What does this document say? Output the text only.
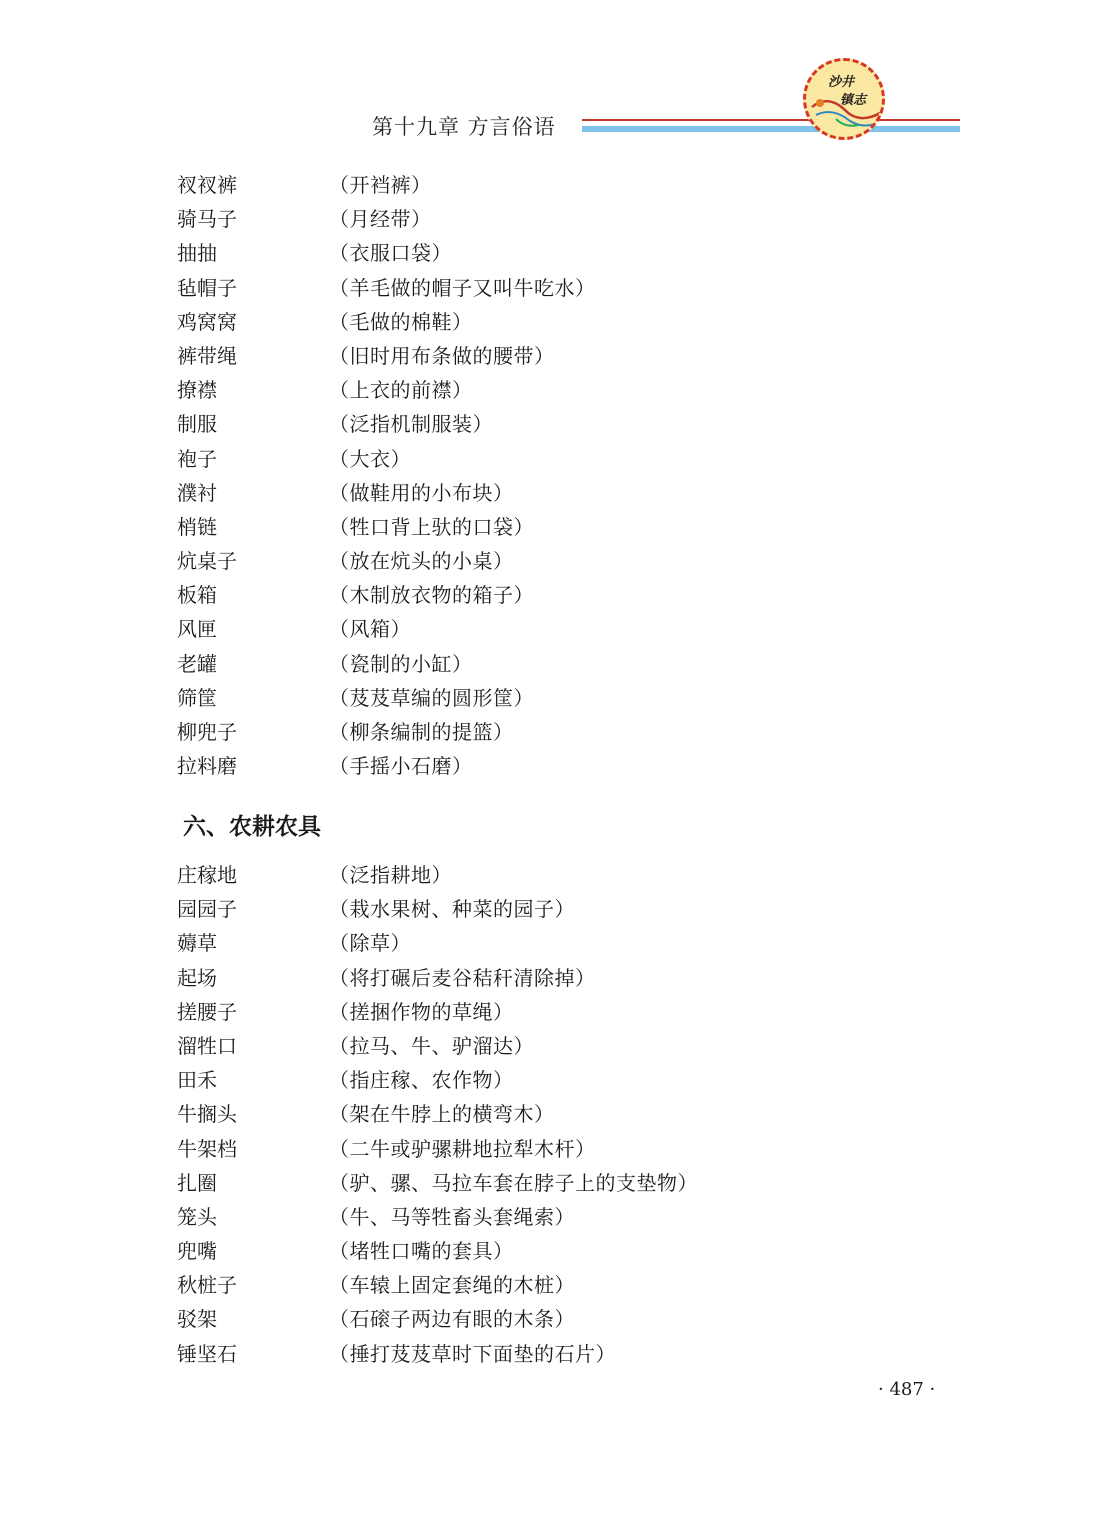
第十九章 方言俗语
沙井
镇志
衩衩裤	（开裆裤）
骑马子	（月经带）
抽抽	（衣服口袋）
毡帽子	（羊毛做的帽子又叫牛吃水）
鸡窝窝	（毛做的棉鞋）
裤带绳	（旧时用布条做的腰带）
撩襟	（上衣的前襟）
制服	（泛指机制服装）
袍子	（大衣）
濮衬	（做鞋用的小布块）
梢链	（牲口背上驮的口袋）
炕桌子	（放在炕头的小桌）
板箱	（木制放衣物的箱子）
风匣	（风箱）
老罐	（瓷制的小缸）
筛筐	（芨芨草编的圆形筐）
柳兜子	（柳条编制的提篮）
拉料磨	（手摇小石磨）
六、农耕农具
庄稼地	（泛指耕地）
园园子	（栽水果树、种菜的园子）
薅草	（除草）
起场	（将打碾后麦谷秸秆清除掉）
搓腰子	（搓捆作物的草绳）
溜牲口	（拉马、牛、驴溜达）
田禾	（指庄稼、农作物）
牛搁头	（架在牛脖上的横弯木）
牛架档	（二牛或驴骡耕地拉犁木杆）
扎圈	（驴、骡、马拉车套在脖子上的支垫物）
笼头	（牛、马等牲畜头套绳索）
兜嘴	（堵牲口嘴的套具）
秋桩子	（车辕上固定套绳的木桩）
驳架	（石磙子两边有眼的木条）
锤坚石	（捶打芨芨草时下面垫的石片）
· 487 ·
